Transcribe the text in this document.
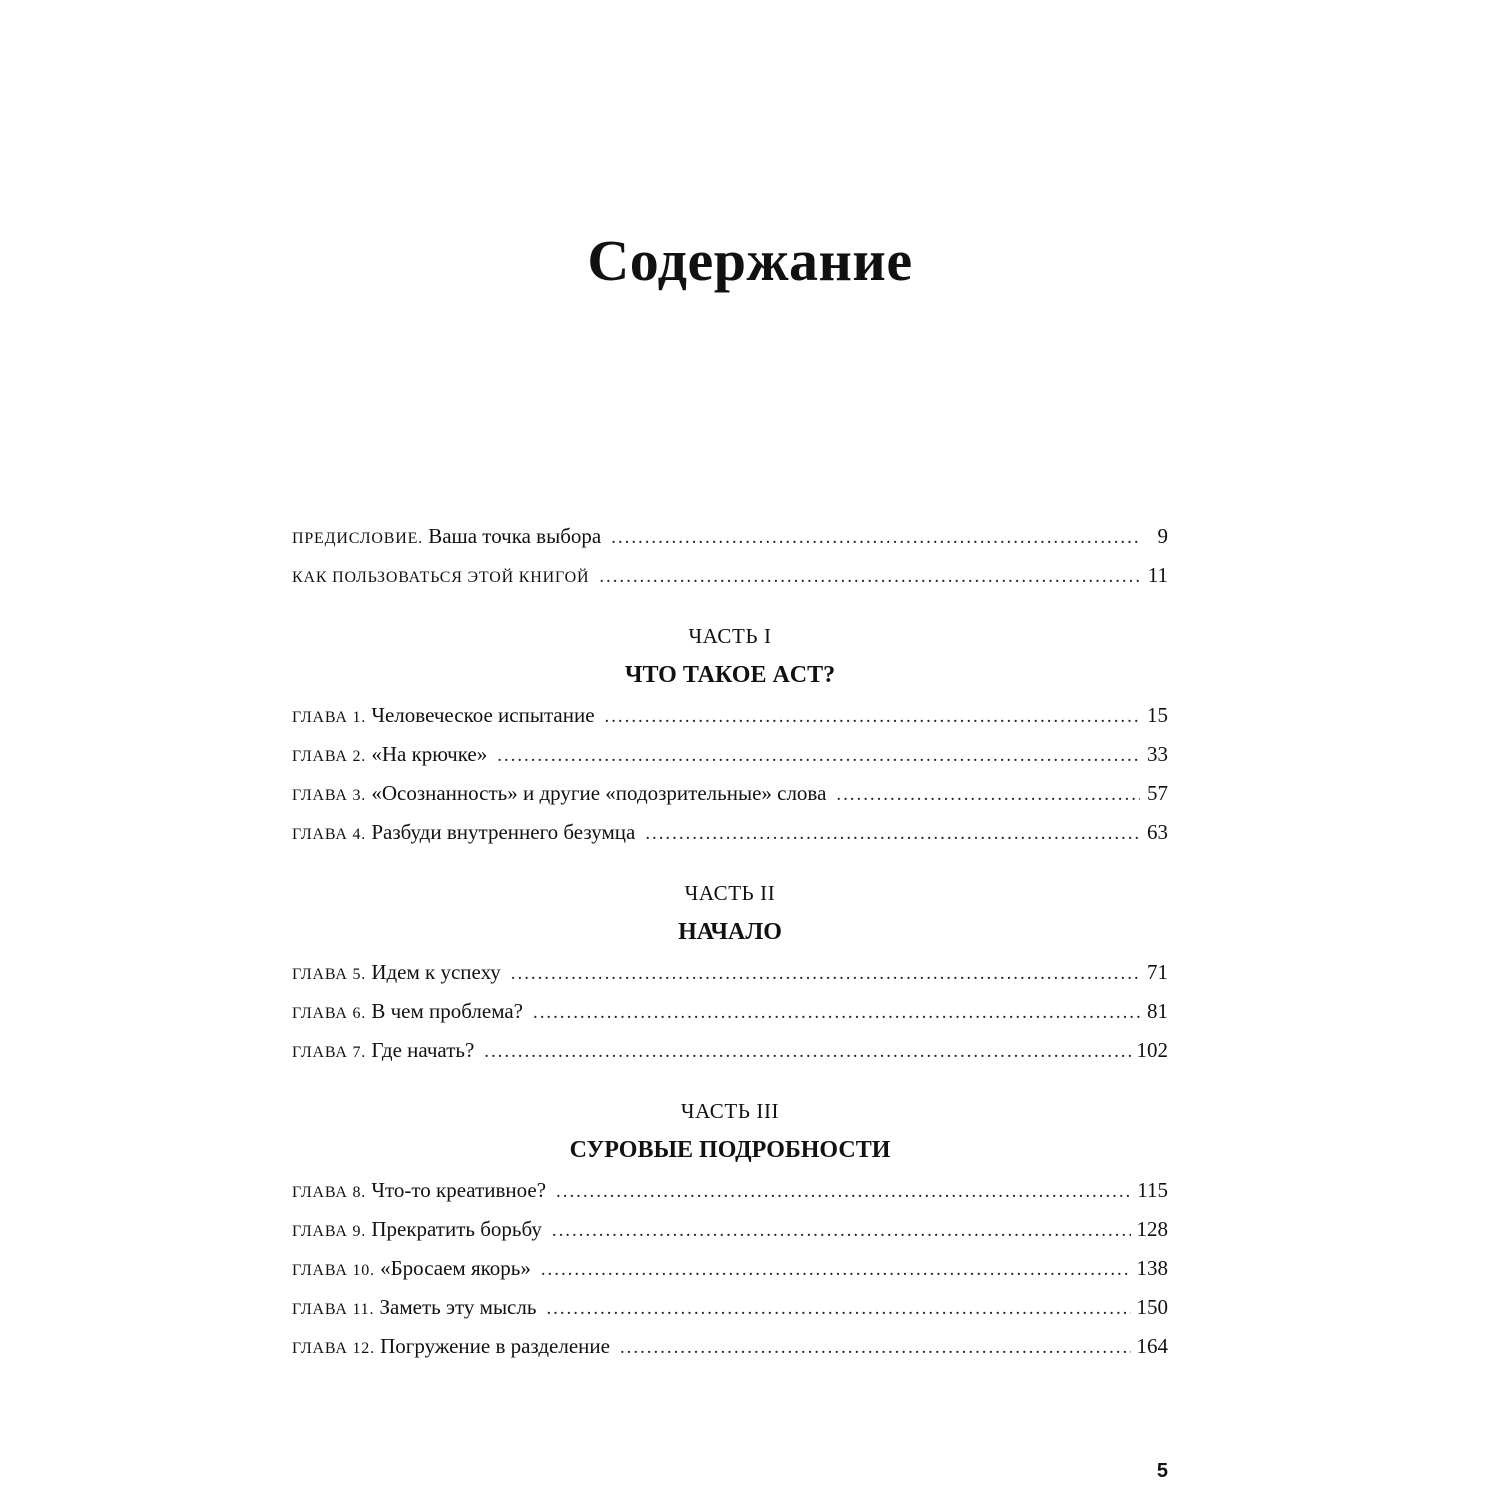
Содержание
ПРЕДИСЛОВИЕ. Ваша точка выбора . . .	9
КАК ПОЛЬЗОВАТЬСЯ ЭТОЙ КНИГОЙ . . .	11
ЧАСТЬ I
ЧТО ТАКОЕ ACT?
ГЛАВА 1. Человеческое испытание . . .	15
ГЛАВА 2. «На крючке» . . .	33
ГЛАВА 3. «Осознанность» и другие «подозрительные» слова . . .	57
ГЛАВА 4. Разбуди внутреннего безумца . . .	63
ЧАСТЬ II
НАЧАЛО
ГЛАВА 5. Идем к успеху . . .	71
ГЛАВА 6. В чем проблема? . . .	81
ГЛАВА 7. Где начать? . . .	102
ЧАСТЬ III
СУРОВЫЕ ПОДРОБНОСТИ
ГЛАВА 8. Что-то креативное? . . .	115
ГЛАВА 9. Прекратить борьбу . . .	128
ГЛАВА 10. «Бросаем якорь» . . .	138
ГЛАВА 11. Заметь эту мысль . . .	150
ГЛАВА 12. Погружение в разделение . . .	164
5
